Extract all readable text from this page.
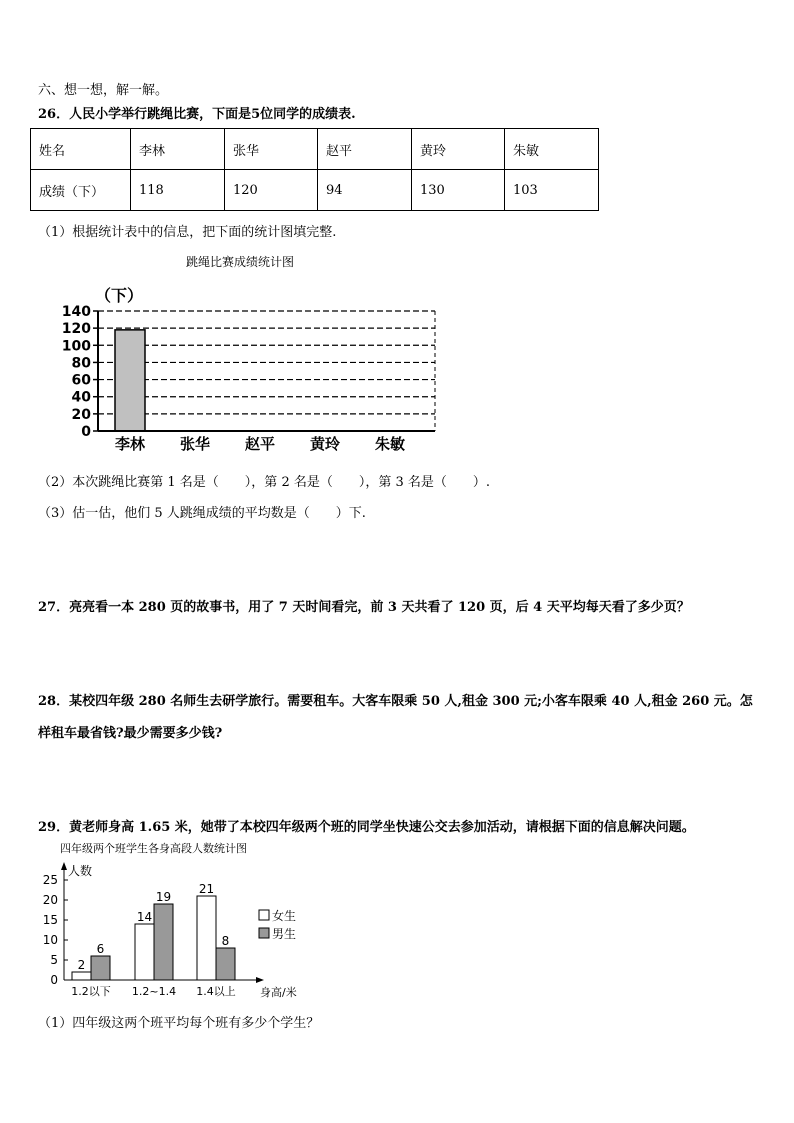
六、想一想，解一解。
26．人民小学举行跳绳比赛，下面是5位同学的成绩表.
姓名	李林	张华	赵平	黄玲	朱敏
成绩（下）	118	120	94	130	103
（1）根据统计表中的信息，把下面的统计图填完整.
跳绳比赛成绩统计图
（下）
0
20
40
60
80
100
120
140
李林 张华 赵平 黄玲 朱敏
（2）本次跳绳比赛第 1 名是（　　），第 2 名是（　　），第 3 名是（　　）.
（3）估一估，他们 5 人跳绳成绩的平均数是（　　）下.
27．亮亮看一本 280 页的故事书，用了 7 天时间看完，前 3 天共看了 120 页，后 4 天平均每天看了多少页？
28．某校四年级 280 名师生去研学旅行。需要租车。大客车限乘 50 人,租金 300 元;小客车限乘 40 人,租金 260 元。怎
样租车最省钱?最少需要多少钱?
29．黄老师身高 1.65 米，她带了本校四年级两个班的同学坐快速公交去参加活动，请根据下面的信息解决问题。
四年级两个班学生各身高段人数统计图
人数
身高/米
0
5
10
15
20
25
2
6
14
19
21
8
1.2以下 1.2~1.4 1.4以上
女生
男生
（1）四年级这两个班平均每个班有多少个学生？
